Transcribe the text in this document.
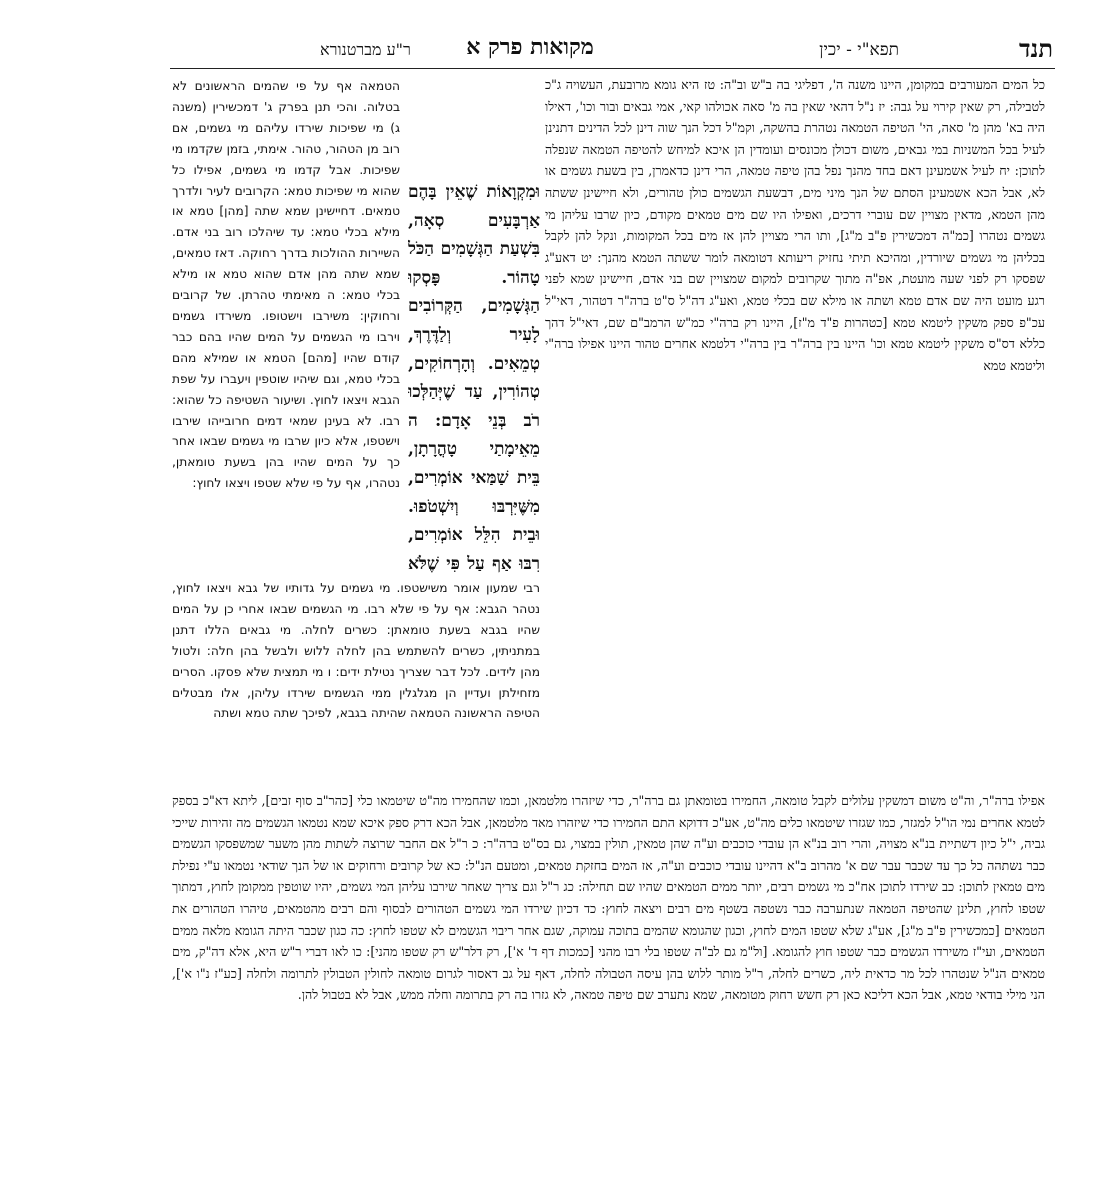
תנד
תפא"י - יכין
מקואות פרק א
ר"ע מברטנורא

כל המים המעורבים במקומן, היינו משנה ה', דפליגי בה ב"ש וב"ה: טז היא גומא מרובעת, העשויה ג"כ לטבילה, רק שאין קירוי על גבה: יז נ"ל דהאי שאין בה מ' סאה אכולהו קאי, אמי גבאים ובור וכו', דאילו היה בא' מהן מ' סאה, הי' הטיפה הטמאה נטהרת בהשקה, וקמ"ל דכל הנך שוה דינן לכל הדינים דתנינן לעיל בכל המשניות במי גבאים, משום דכולן מכונסים ועומדין הן איכא למיחש להטיפה הטמאה שנפלה לתוכן: יח לעיל אשמעינן דאם בחד מהנך נפל בהן טיפה טמאה, הרי דינן כדאמרן, בין בשעת גשמים או לא, אבל הכא אשמעינן הסתם של הנך מיני מים, דבשעת הגשמים כולן טהורים, ולא חיישינן ששתה מהן הטמא, מדאין מצויין שם עוברי דרכים, ואפילו היו שם מים טמאים מקודם, כיון שרבו עליהן מי גשמים נטהרו [כמ"ה דמכשירין פ"ב מ"ג], ותו הרי מצויין להן אז מים בכל המקומות, ונקל להן לקבל בכליהן מי גשמים שיורדין, ומהיכא תיתי נחזיק ריעותא דטומאה לומר ששתה הטמא מהנך: יט דאע"ג שפסקו רק לפני שעה מועטת, אפ"ה מתוך שקרובים למקום שמצויין שם בני אדם, חיישינן שמא לפני רגע מועט היה שם אדם טמא ושתה או מילא שם בכלי טמא, ואע"ג דה"ל ס"ט ברה"ר דטהור, דאי"ל עכ"פ ספק משקין ליטמא טמא [כטהרות פ"ד מ"ז], היינו רק ברה"י כמ"ש הרמב"ם שם, דאי"ל דהך כללא דס"ס משקין ליטמא טמא וכו' היינו בין ברה"ר בין ברה"י דלטמא אחרים טהור היינו אפילו ברה"י וליטמא טמא

וּמִקְוָאוֹת שֶׁאֵין בָּהֶם אַרְבָּעִים סְאָה, בִּשְׁעַת הַגְּשָׁמִים הַכֹּל טָהוֹר. פָּסְקוּ הַגְּשָׁמִים, הַקְּרוֹבִים לָעִיר וְלַדֶּרֶךְ, טְמֵאִים. וְהָרְחוֹקִים, טְהוֹרִין, עַד שֶׁיְּהַלְּכוּ רֹב בְּנֵי אָדָם: ה מֵאֵימָתַי טָהֳרָתָן, בֵּית שַׁמַּאי אוֹמְרִים, מִשֶּׁיִּרְבּוּ וְיִשְׁטֹפוּ. וּבֵית הִלֵּל אוֹמְרִים, רִבּוּ אַף עַל פִּי שֶׁלֹּא

הטמאה אף על פי שהמים הראשונים לא בטלוה. והכי תנן בפרק ג' דמכשירין (משנה ג) מי שפיכות שירדו עליהם מי גשמים, אם רוב מן הטהור, טהור. אימתי, בזמן שקדמו מי שפיכות. אבל קדמו מי גשמים, אפילו כל שהוא מי שפיכות טמא: הקרובים לעיר ולדרך טמאים. דחיישינן שמא שתה [מהן] טמא או מילא בכלי טמא: עד שיהלכו רוב בני אדם. השיירות ההולכות בדרך רחוקה. דאז טמאים, שמא שתה מהן אדם שהוא טמא או מילא בכלי טמא: ה מאימתי טהרתן. של קרובים ורחוקין: משירבו וישטופו. משירדו גשמים וירבו מי הגשמים על המים שהיו בהם כבר קודם שהיו [מהם] הטמא או שמילא מהם בכלי טמא, וגם שיהיו שוטפין ויעברו על שפת הגבא ויצאו לחוץ. ושיעור השטיפה כל שהוא: רבו. לא בעינן שמאי דמים חרובייהו שירבו וישטפו, אלא כיון שרבו מי גשמים שבאו אחר כך על המים שהיו בהן בשעת טומאתן, נטהרו, אף על פי שלא שטפו ויצאו לחוץ:

רבי שמעון אומר משישטפו. מי גשמים על גדותיו של גבא ויצאו לחוץ, נטהר הגבא: אף על פי שלא רבו. מי הגשמים שבאו אחרי כן על המים שהיו בגבא בשעת טומאתן: כשרים לחלה. מי גבאים הללו דתנן במתניתין, כשרים להשתמש בהן לחלה ללוש ולבשל בהן חלה: ולטול מהן לידים. לכל דבר שצריך נטילת ידים: ו מי תמצית שלא פסקו. הסרים מזחילתן ועדיין הן מגלגלין ממי הגשמים שירדו עליהן, אלו מבטלים הטיפה הראשונה הטמאה שהיתה בגבא, לפיכך שתה טמא ושתה

אפילו ברה"ר, וה"ט משום דמשקין עלולים לקבל טומאה, החמירו בטומאתן גם ברה"ר, כדי שיזהרו מלטמאן, וכמו שהחמירו מה"ט שיטמאו כלי [כהר"ב סוף זבים], ליתא דא"כ בספק לטמא אחרים נמי הו"ל למגזר, כמו שגזרו שיטמאו כלים מה"ט, אע"כ דדוקא התם החמירו כדי שיזהרו מאד מלטמאן, אבל הכא דרק ספק איכא שמא נטמאו הגשמים מה זהירות שייכי גביה, י"ל כיון דשתיית בנ"א מצויה, והרי רוב בנ"א הן עובדי כוכבים וע"ה שהן טמאין, תולין במצוי, גם בס"ט ברה"ר: כ ר"ל אם החבר שרוצה לשתות מהן משער שמשפסקו הגשמים כבר נשתהה כל כך עד שכבר עבר שם א' מהרוב ב"א דהיינו עובדי כוכבים וע"ה, אז המים בחזקת טמאים, ומטעם הנ"ל: כא של קרובים ורחוקים או של הנך שודאי נטמאו ע"י נפילת מים טמאין לתוכן: כב שירדו לתוכן אח"כ מי גשמים רבים, יותר ממים הטמאים שהיו שם תחילה: כג ר"ל וגם צריך שאחר שירבו עליהן המי גשמים, יהיו שוטפין ממקומן לחוץ, דמתוך שטפו לחוץ, תלינן שהטיפה הטמאה שנתערבה כבר נשטפה בשטף מים רבים ויצאה לחוץ: כד דכיון שירדו המי גשמים הטהורים לבסוף והם רבים מהטמאים, טיהרו הטהורים את הטמאים [כמכשירין פ"ב מ"ג], אע"ג שלא שטפו המים לחוץ, וכגון שהגומא שהמים בתוכה עמוקה, שגם אחר ריבוי הגשמים לא שטפו לחוץ: כה כגון שכבר היתה הגומא מלאה ממים הטמאים, ועי"ז משירדו הגשמים כבר שטפו חוץ להגומא. [ול"מ גם לב"ה שטפו בלי רבו מהני [כמכות דף ד' א'], רק דלר"ש רק שטפו מהני]: כו לאו דברי ר"ש היא, אלא דה"ק, מים טמאים הנ"ל שנטהרו לכל מר כדאית ליה, כשרים לחלה, ר"ל מותר ללוש בהן עיסה הטבולה לחלה, דאף על גב דאסור לגרום טומאה לחולין הטבולין לתרומה ולחלה [כע"ז נ"ו א'], הני מילי בודאי טמא, אבל הכא דליכא כאן רק חשש רחוק מטומאה, שמא נתערב שם טיפה טמאה, לא גזרו בה רק בתרומה וחלה ממש, אבל לא בטבול להן.
